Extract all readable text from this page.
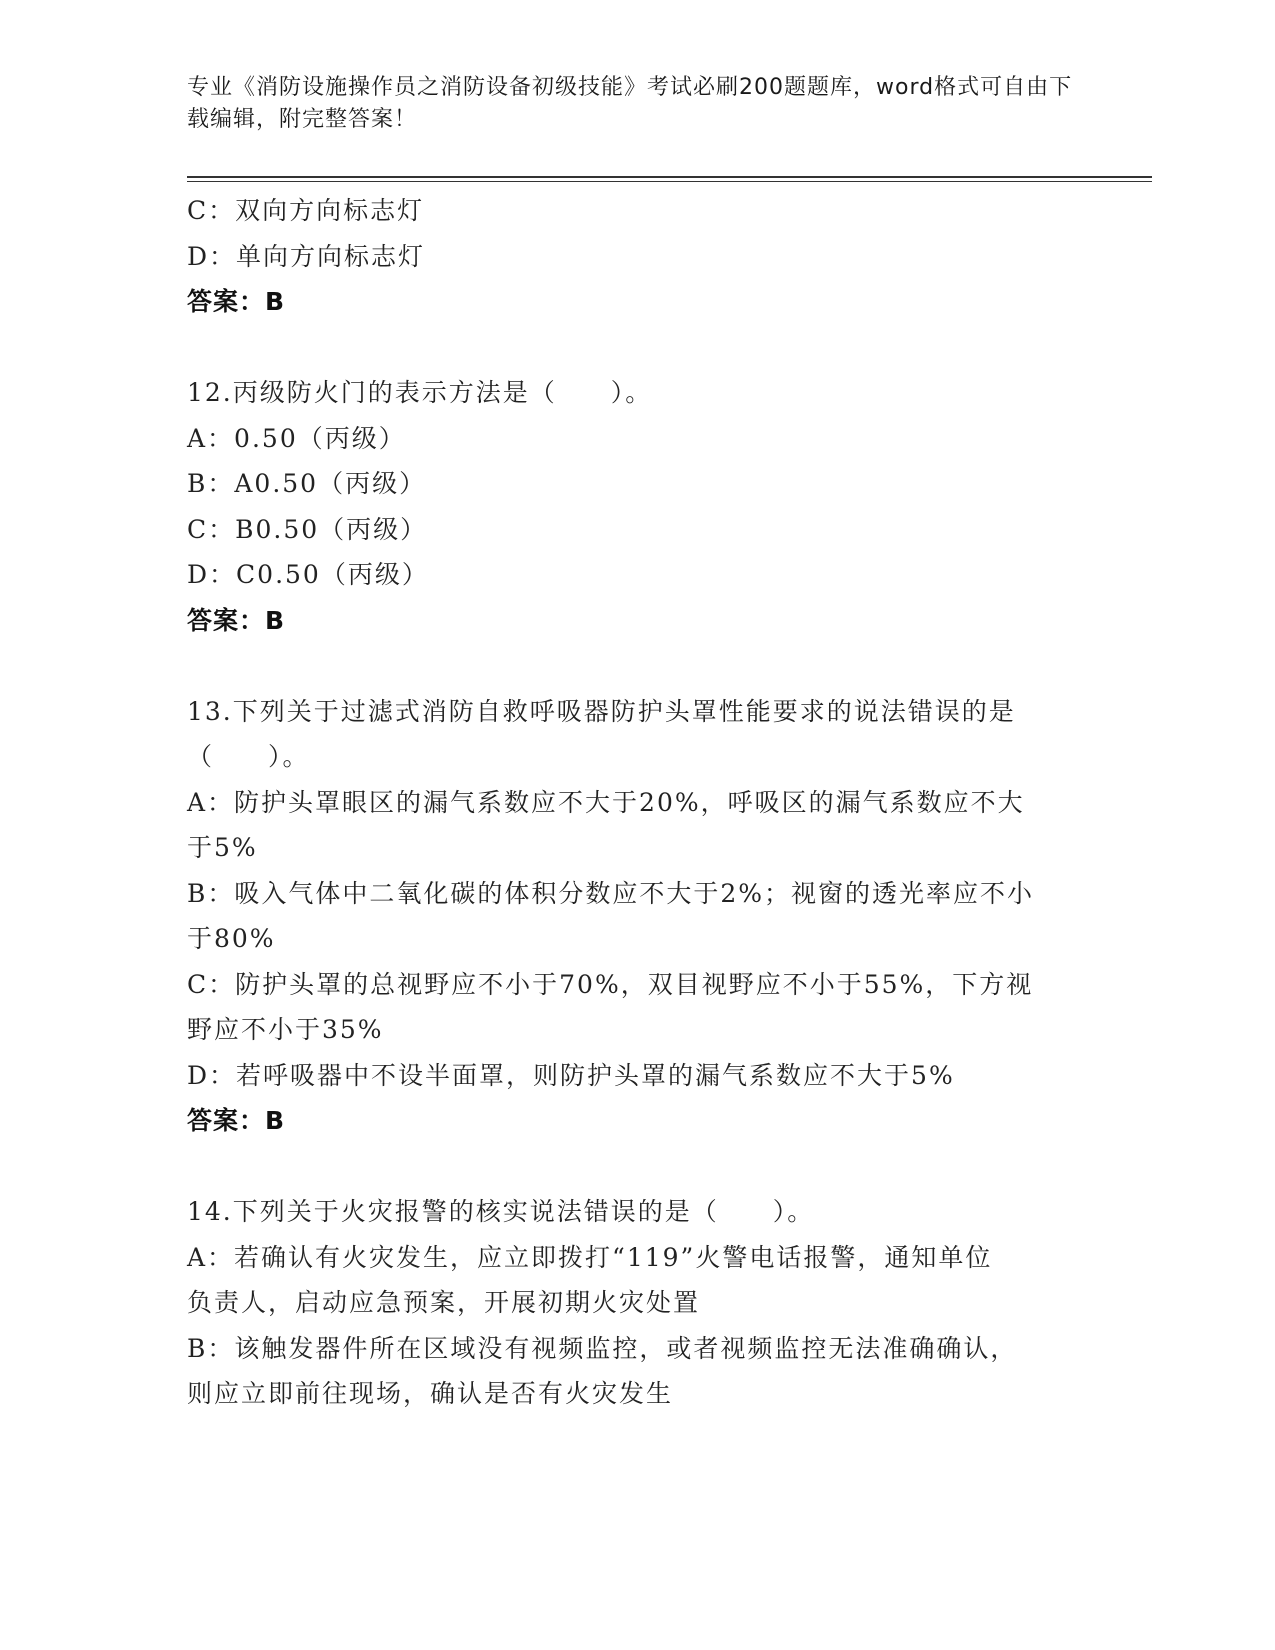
专业《消防设施操作员之消防设备初级技能》考试必刷200题题库，word格式可自由下载编辑，附完整答案！
C：双向方向标志灯
D：单向方向标志灯
答案：B
12.丙级防火门的表示方法是（　　）。
A：0.50（丙级）
B：A0.50（丙级）
C：B0.50（丙级）
D：C0.50（丙级）
答案：B
13.下列关于过滤式消防自救呼吸器防护头罩性能要求的说法错误的是
（　　）。
A：防护头罩眼区的漏气系数应不大于20%，呼吸区的漏气系数应不大
于5%
B：吸入气体中二氧化碳的体积分数应不大于2%；视窗的透光率应不小
于80%
C：防护头罩的总视野应不小于70%，双目视野应不小于55%，下方视
野应不小于35%
D：若呼吸器中不设半面罩，则防护头罩的漏气系数应不大于5%
答案：B
14.下列关于火灾报警的核实说法错误的是（　　）。
A：若确认有火灾发生，应立即拨打“119”火警电话报警，通知单位
负责人，启动应急预案，开展初期火灾处置
B：该触发器件所在区域没有视频监控，或者视频监控无法准确确认，
则应立即前往现场，确认是否有火灾发生
